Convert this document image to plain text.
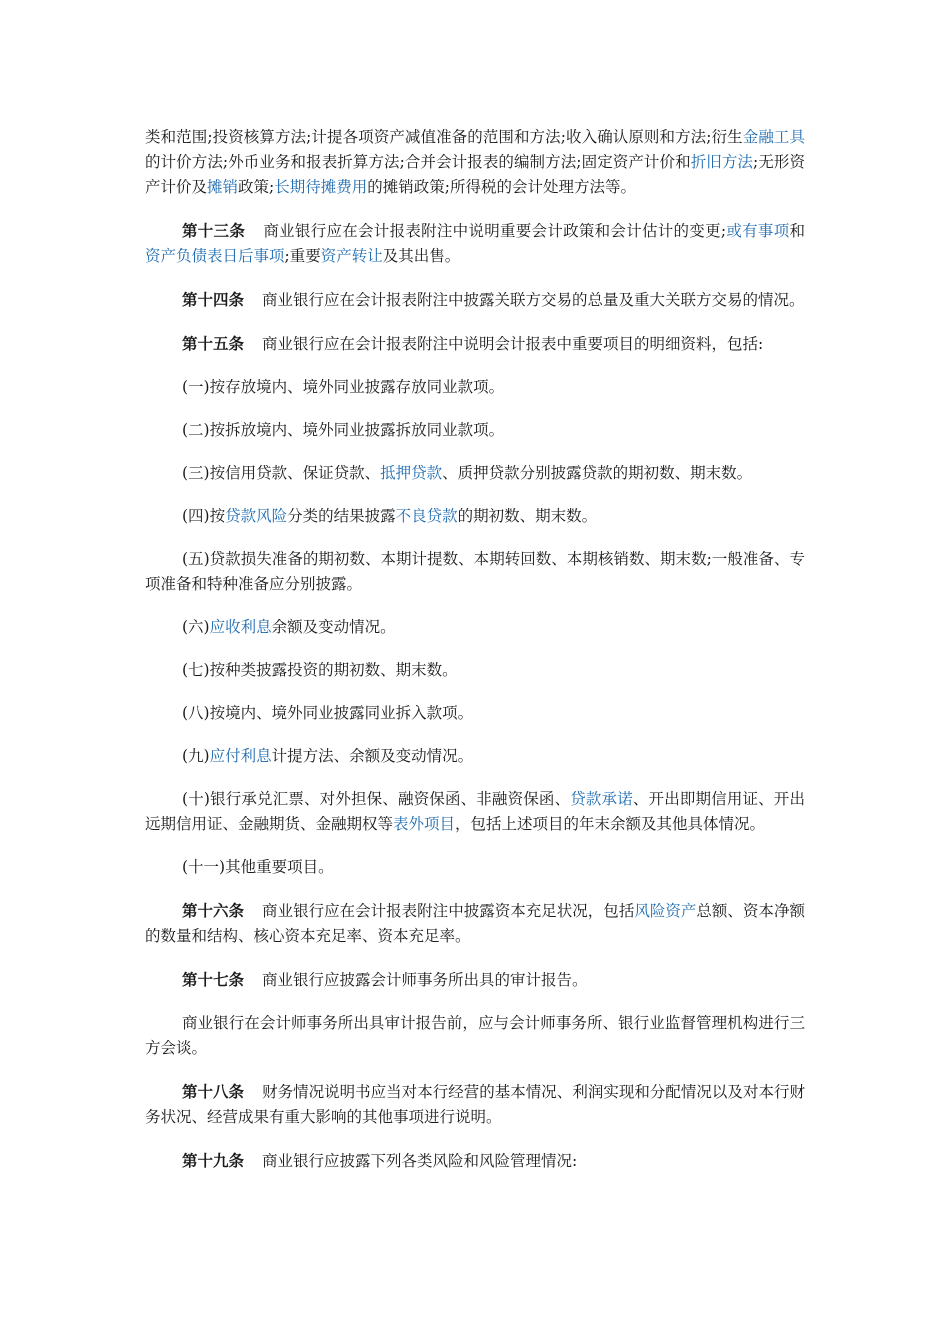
类和范围;投资核算方法;计提各项资产减值准备的范围和方法;收入确认原则和方法;衍生金融工具的计价方法;外币业务和报表折算方法;合并会计报表的编制方法;固定资产计价和折旧方法;无形资产计价及摊销政策;长期待摊费用的摊销政策;所得税的会计处理方法等。

第十三条 商业银行应在会计报表附注中说明重要会计政策和会计估计的变更;或有事项和资产负债表日后事项;重要资产转让及其出售。

第十四条 商业银行应在会计报表附注中披露关联方交易的总量及重大关联方交易的情况。

第十五条 商业银行应在会计报表附注中说明会计报表中重要项目的明细资料，包括:

(一)按存放境内、境外同业披露存放同业款项。

(二)按拆放境内、境外同业披露拆放同业款项。

(三)按信用贷款、保证贷款、抵押贷款、质押贷款分别披露贷款的期初数、期末数。

(四)按贷款风险分类的结果披露不良贷款的期初数、期末数。

(五)贷款损失准备的期初数、本期计提数、本期转回数、本期核销数、期末数;一般准备、专项准备和特种准备应分别披露。

(六)应收利息余额及变动情况。

(七)按种类披露投资的期初数、期末数。

(八)按境内、境外同业披露同业拆入款项。

(九)应付利息计提方法、余额及变动情况。

(十)银行承兑汇票、对外担保、融资保函、非融资保函、贷款承诺、开出即期信用证、开出远期信用证、金融期货、金融期权等表外项目，包括上述项目的年末余额及其他具体情况。

(十一)其他重要项目。

第十六条 商业银行应在会计报表附注中披露资本充足状况，包括风险资产总额、资本净额的数量和结构、核心资本充足率、资本充足率。

第十七条 商业银行应披露会计师事务所出具的审计报告。

商业银行在会计师事务所出具审计报告前，应与会计师事务所、银行业监督管理机构进行三方会谈。

第十八条 财务情况说明书应当对本行经营的基本情况、利润实现和分配情况以及对本行财务状况、经营成果有重大影响的其他事项进行说明。

第十九条 商业银行应披露下列各类风险和风险管理情况:
